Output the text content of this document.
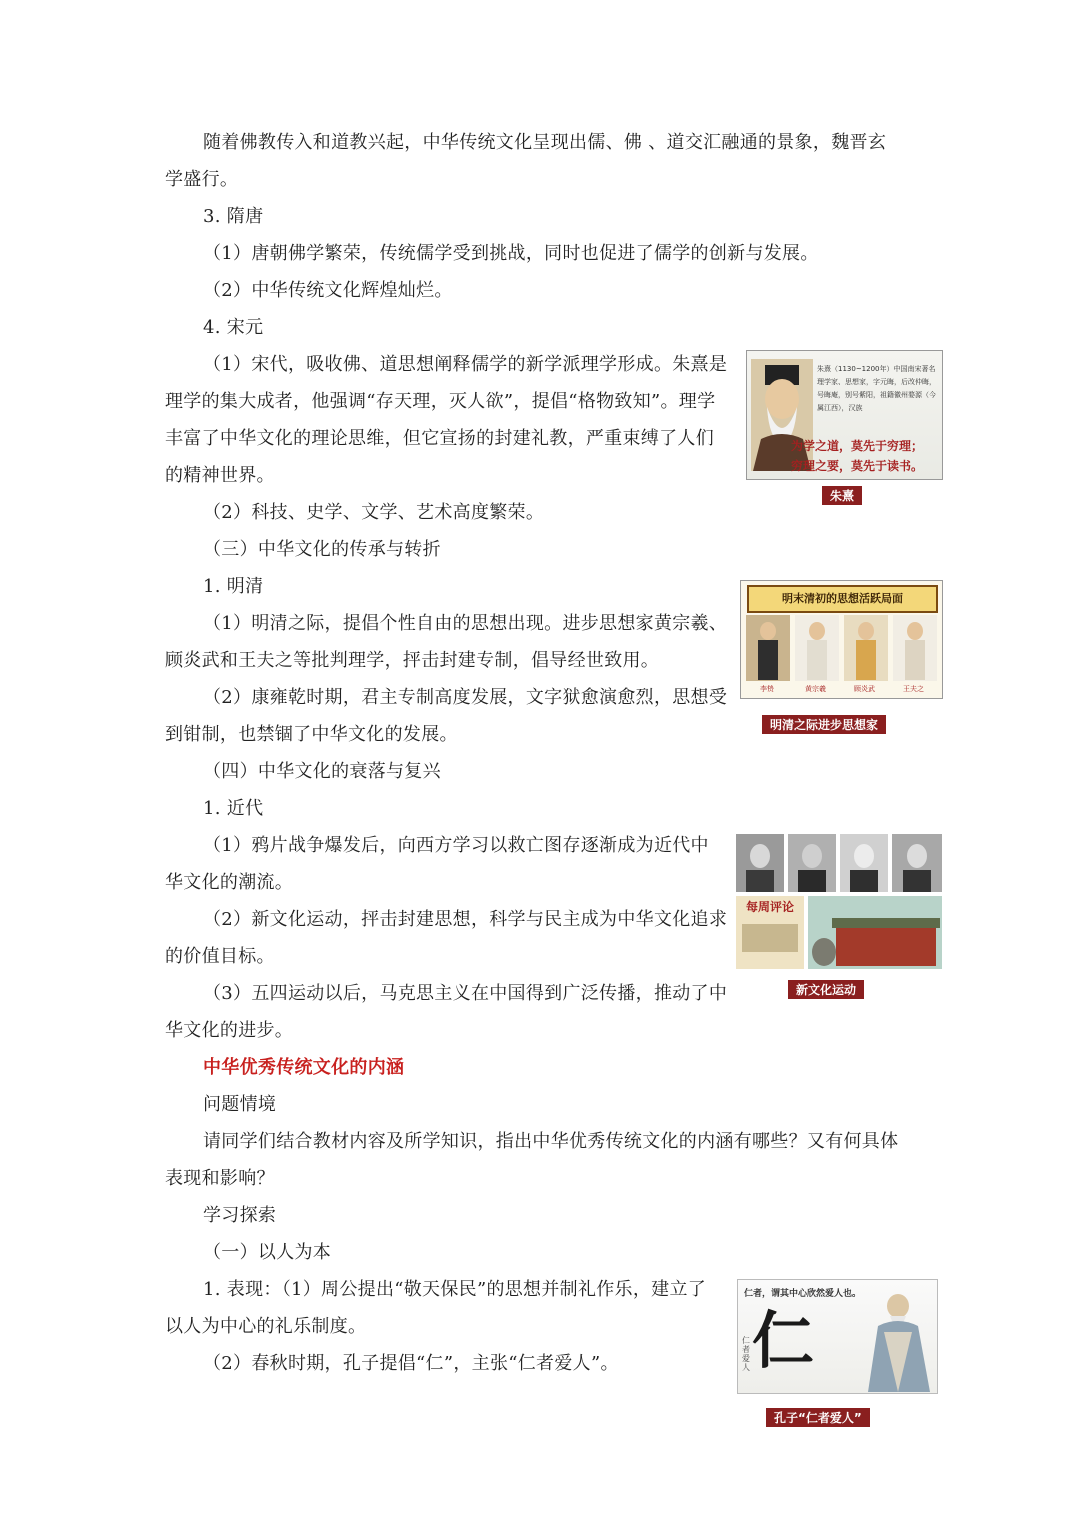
随着佛教传入和道教兴起，中华传统文化呈现出儒、佛 、道交汇融通的景象，魏晋玄
学盛行。
3. 隋唐
（1）唐朝佛学繁荣，传统儒学受到挑战，同时也促进了儒学的创新与发展。
（2）中华传统文化辉煌灿烂。
4. 宋元
（1）宋代，吸收佛、道思想阐释儒学的新学派理学形成。朱熹是
理学的集大成者，他强调“存天理，灭人欲”，提倡“格物致知”。理学
丰富了中华文化的理论思维，但它宣扬的封建礼教，严重束缚了人们
的精神世界。
（2）科技、史学、文学、艺术高度繁荣。
（三）中华文化的传承与转折
1. 明清
（1）明清之际，提倡个性自由的思想出现。进步思想家黄宗羲、
顾炎武和王夫之等批判理学，抨击封建专制，倡导经世致用。
（2）康雍乾时期，君主专制高度发展，文字狱愈演愈烈，思想受
到钳制，也禁锢了中华文化的发展。
（四）中华文化的衰落与复兴
1. 近代
（1）鸦片战争爆发后，向西方学习以救亡图存逐渐成为近代中
华文化的潮流。
（2）新文化运动，抨击封建思想，科学与民主成为中华文化追求
的价值目标。
（3）五四运动以后，马克思主义在中国得到广泛传播，推动了中
华文化的进步。
中华优秀传统文化的内涵
问题情境
请同学们结合教材内容及所学知识，指出中华优秀传统文化的内涵有哪些？又有何具体
表现和影响？
学习探索
（一）以人为本
1. 表现：（1）周公提出“敬天保民”的思想并制礼作乐，建立了
以人为中心的礼乐制度。
（2）春秋时期，孔子提倡“仁”，主张“仁者爱人”。
朱熹（1130~1200年）中国南宋著名理学家、思想家，字元晦，后改仲晦，号晦庵，别号紫阳，祖籍徽州婺源（今属江西），汉族
为学之道，莫先于穷理；
穷理之要，莫先于读书。
朱熹
明末清初的思想活跃局面
李贽	黄宗羲	顾炎武	王夫之
明清之际进步思想家
每周评论
新文化运动
仁者，谓其中心欣然爱人也。
仁
仁者爱人
孔子“仁者爱人”
